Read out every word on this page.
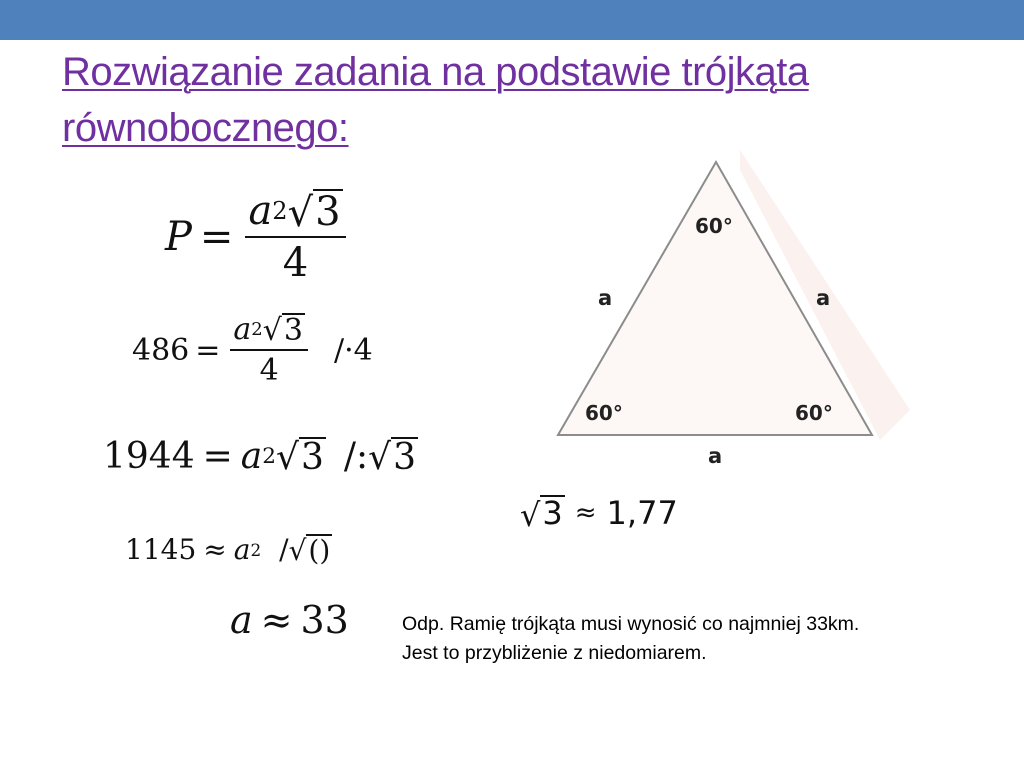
Rozwiązanie zadania na podstawie trójkąta
równobocznego:
$P = \frac{a 2 √ 3}{4}$
$486 = \frac{a 2 √ 3}{4} /\cdot 4$
1944 = a 2 √ 3 /: √ 3
1145 ≈ a 2 / √ ()
a ≈ 33
√ 3 ≈ 1,77
60°
60°	60°
a	a
a
Odp. Ramię trójkąta musi wynosić co najmniej 33km.
Jest to przybliżenie z niedomiarem.
